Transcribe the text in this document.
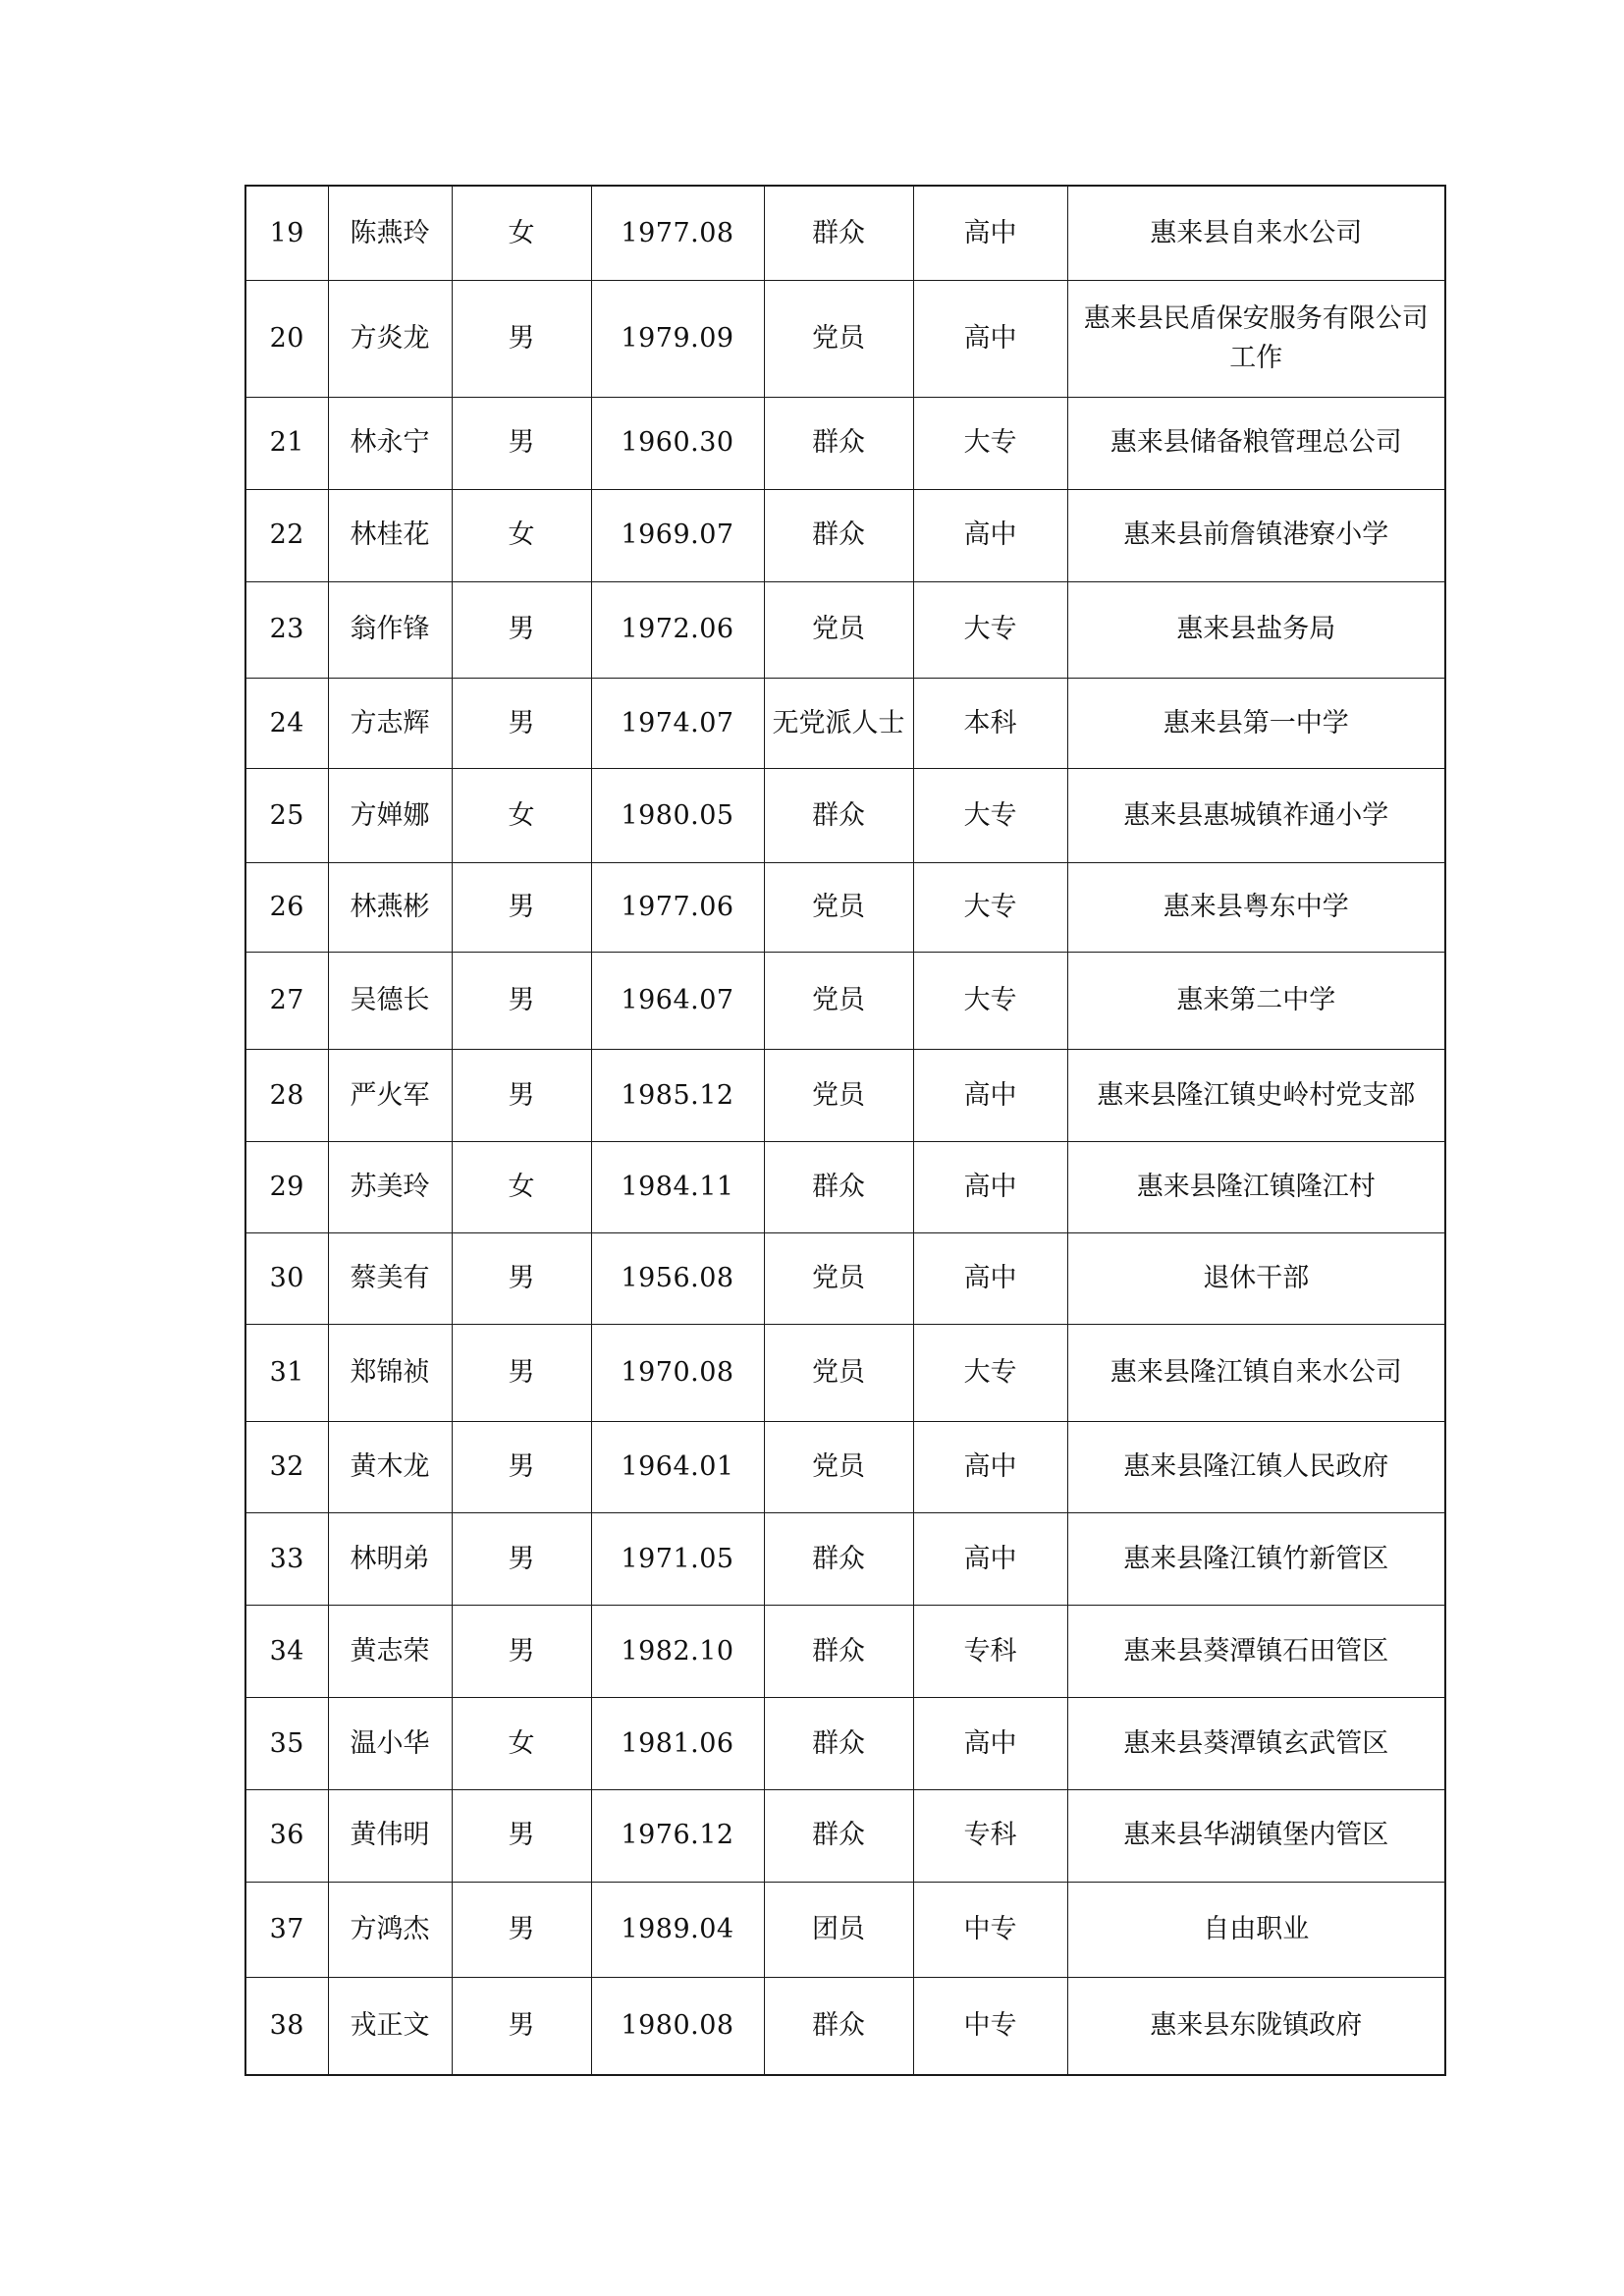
19	陈燕玲	女	1977.08	群众	高中	惠来县自来水公司
20	方炎龙	男	1979.09	党员	高中	惠来县民盾保安服务有限公司工作
21	林永宁	男	1960.30	群众	大专	惠来县储备粮管理总公司
22	林桂花	女	1969.07	群众	高中	惠来县前詹镇港寮小学
23	翁作锋	男	1972.06	党员	大专	惠来县盐务局
24	方志辉	男	1974.07	无党派人士	本科	惠来县第一中学
25	方婵娜	女	1980.05	群众	大专	惠来县惠城镇祚通小学
26	林燕彬	男	1977.06	党员	大专	惠来县粤东中学
27	吴德长	男	1964.07	党员	大专	惠来第二中学
28	严火军	男	1985.12	党员	高中	惠来县隆江镇史岭村党支部
29	苏美玲	女	1984.11	群众	高中	惠来县隆江镇隆江村
30	蔡美有	男	1956.08	党员	高中	退休干部
31	郑锦祯	男	1970.08	党员	大专	惠来县隆江镇自来水公司
32	黄木龙	男	1964.01	党员	高中	惠来县隆江镇人民政府
33	林明弟	男	1971.05	群众	高中	惠来县隆江镇竹新管区
34	黄志荣	男	1982.10	群众	专科	惠来县葵潭镇石田管区
35	温小华	女	1981.06	群众	高中	惠来县葵潭镇玄武管区
36	黄伟明	男	1976.12	群众	专科	惠来县华湖镇堡内管区
37	方鸿杰	男	1989.04	团员	中专	自由职业
38	戎正文	男	1980.08	群众	中专	惠来县东陇镇政府
